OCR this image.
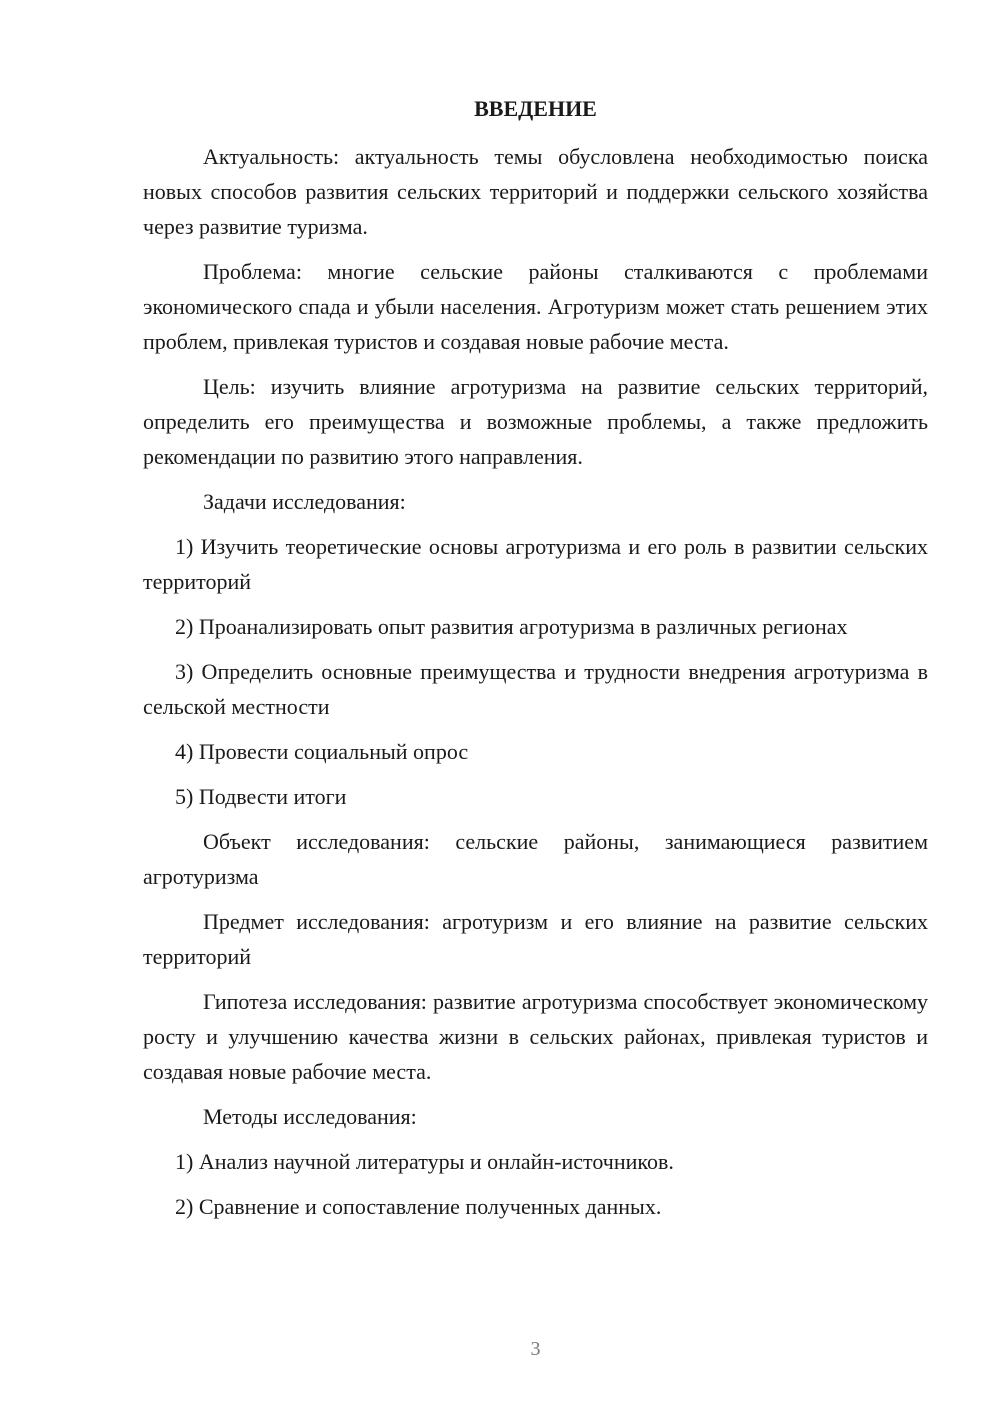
ВВЕДЕНИЕ

Актуальность: актуальность темы обусловлена необходимостью поиска новых способов развития сельских территорий и поддержки сельского хозяйства через развитие туризма.

Проблема: многие сельские районы сталкиваются с проблемами экономического спада и убыли населения. Агротуризм может стать решением этих проблем, привлекая туристов и создавая новые рабочие места.

Цель: изучить влияние агротуризма на развитие сельских территорий, определить его преимущества и возможные проблемы, а также предложить рекомендации по развитию этого направления.

Задачи исследования:

1) Изучить теоретические основы агротуризма и его роль в развитии сельских территорий

2) Проанализировать опыт развития агротуризма в различных регионах

3) Определить основные преимущества и трудности внедрения агротуризма в сельской местности

4) Провести социальный опрос

5) Подвести итоги

Объект исследования: сельские районы, занимающиеся развитием агротуризма

Предмет исследования: агротуризм и его влияние на развитие сельских территорий

Гипотеза исследования: развитие агротуризма способствует экономическому росту и улучшению качества жизни в сельских районах, привлекая туристов и создавая новые рабочие места.

Методы исследования:

1) Анализ научной литературы и онлайн-источников.

2) Сравнение и сопоставление полученных данных.

3
